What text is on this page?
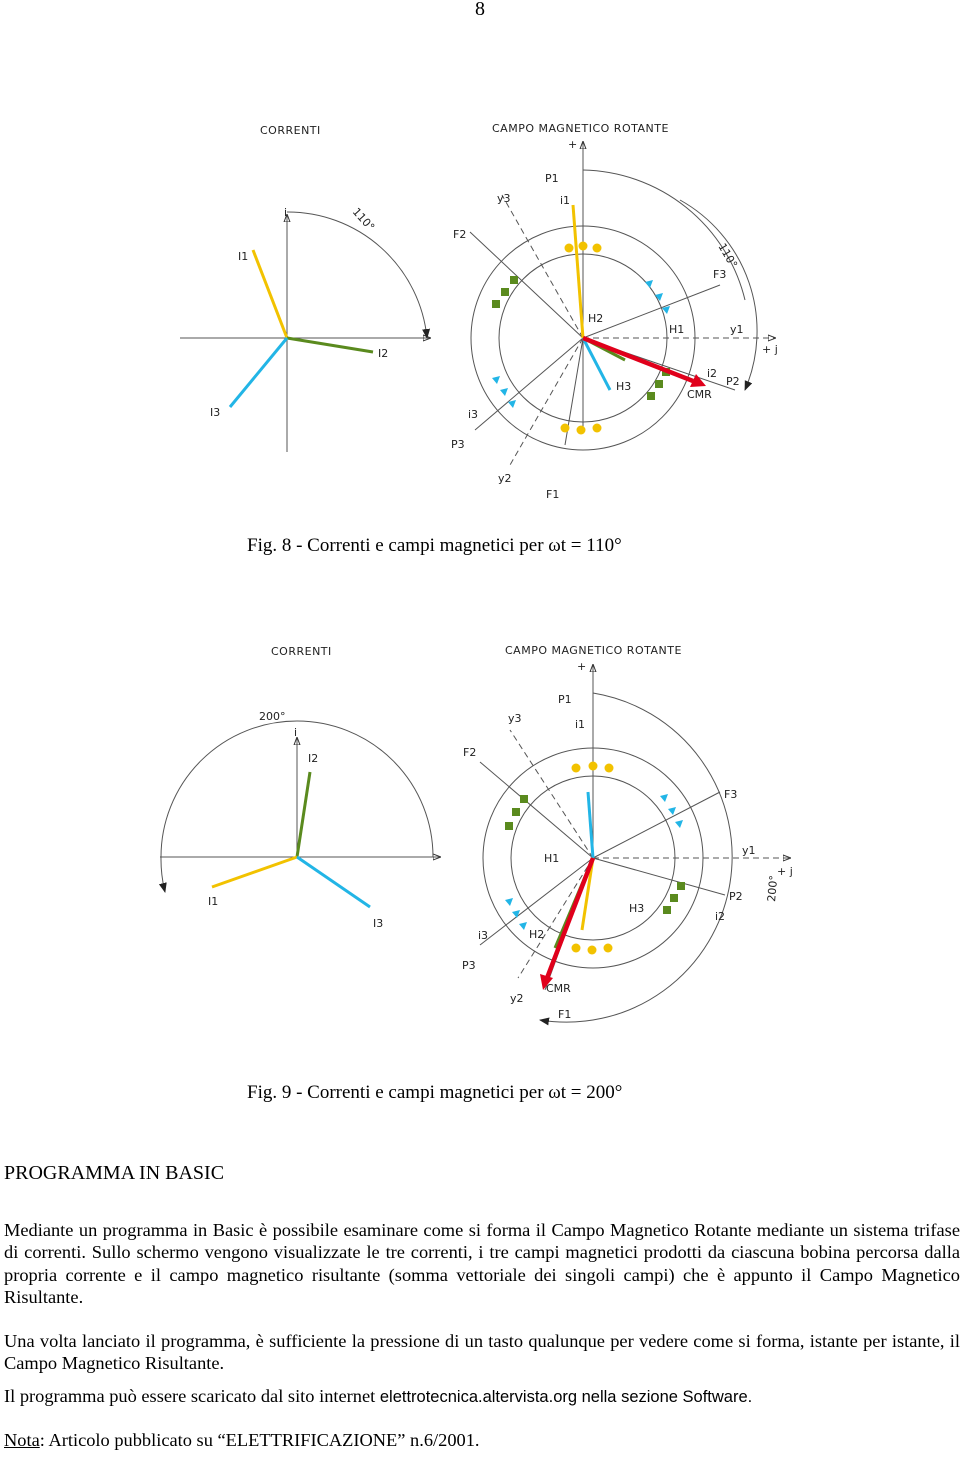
8
CORRENTI	CAMPO MAGNETICO ROTANTE
i	110°
I1
I2
I3
+
P1
i1
y3
F2
110°
F3
H2
H1	y1
+ j
H3
i2
P2
CMR
i3
P3
y2
F1
Fig. 8 - Correnti e campi magnetici per ωt = 110°
CORRENTI	CAMPO MAGNETICO ROTANTE
i
200°
I2
I1
I3
+
P1
i1
y3
F2
F3
H1
y1
+ j
200°
P2
i2
H3
H2
i3
P3
y2
CMR
F1
Fig. 9 - Correnti e campi magnetici per ωt = 200°
PROGRAMMA IN BASIC
Mediante un programma in Basic è possibile esaminare come si forma il Campo Magnetico Rotante mediante un sistema trifase di correnti. Sullo schermo vengono visualizzate le tre correnti, i tre campi magnetici prodotti da ciascuna bobina percorsa dalla propria corrente e il campo magnetico risultante (somma vettoriale dei singoli campi) che è appunto il Campo Magnetico Risultante.
Una volta lanciato il programma, è sufficiente la pressione di un tasto qualunque per vedere come si forma, istante per istante, il Campo Magnetico Risultante.
Il programma può essere scaricato dal sito internet elettrotecnica.altervista.org nella sezione Software.
Nota: Articolo pubblicato su “ELETTRIFICAZIONE” n.6/2001.
